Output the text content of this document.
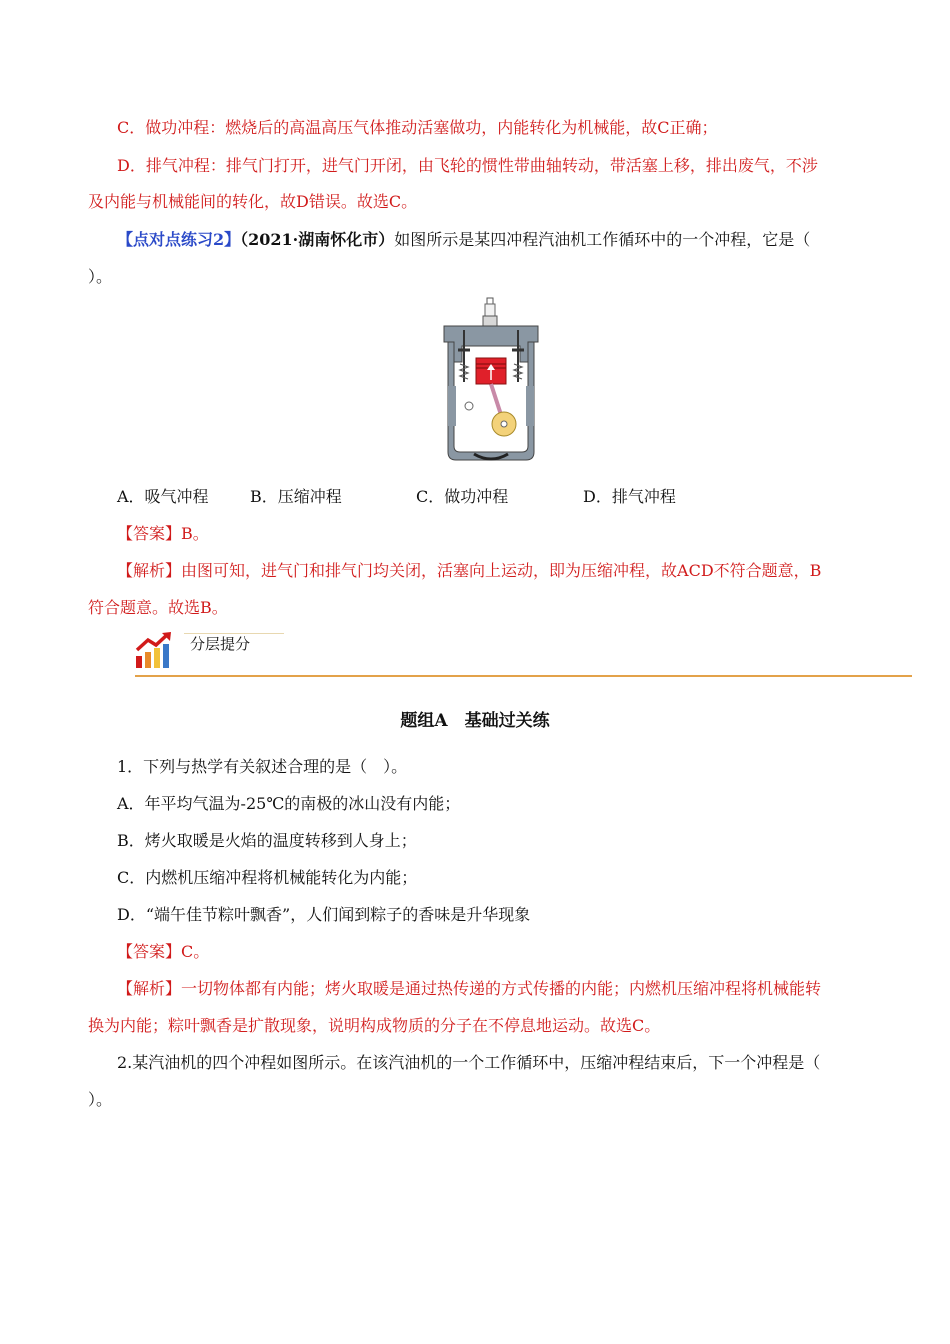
C．做功冲程：燃烧后的高温高压气体推动活塞做功，内能转化为机械能，故C正确；
D．排气冲程：排气门打开，进气门开闭，由飞轮的惯性带曲轴转动，带活塞上移，排出废气，不涉
及内能与机械能间的转化，故D错误。故选C。
【点对点练习2】（2021·湖南怀化市）如图所示是某四冲程汽油机工作循环中的一个冲程，它是（
）。
A．吸气冲程	B．压缩冲程	C．做功冲程	D．排气冲程
【答案】B。
【解析】由图可知，进气门和排气门均关闭，活塞向上运动，即为压缩冲程，故ACD不符合题意，B
符合题意。故选B。
分层提分
题组A　基础过关练
1．下列与热学有关叙述合理的是（　）。
A．年平均气温为-25℃的南极的冰山没有内能；
B．烤火取暖是火焰的温度转移到人身上；
C．内燃机压缩冲程将机械能转化为内能；
D．“端午佳节粽叶飘香”，人们闻到粽子的香味是升华现象
【答案】C。
【解析】一切物体都有内能；烤火取暖是通过热传递的方式传播的内能；内燃机压缩冲程将机械能转
换为内能；粽叶飘香是扩散现象，说明构成物质的分子在不停息地运动。故选C。
2.某汽油机的四个冲程如图所示。在该汽油机的一个工作循环中，压缩冲程结束后，下一个冲程是（
）。
